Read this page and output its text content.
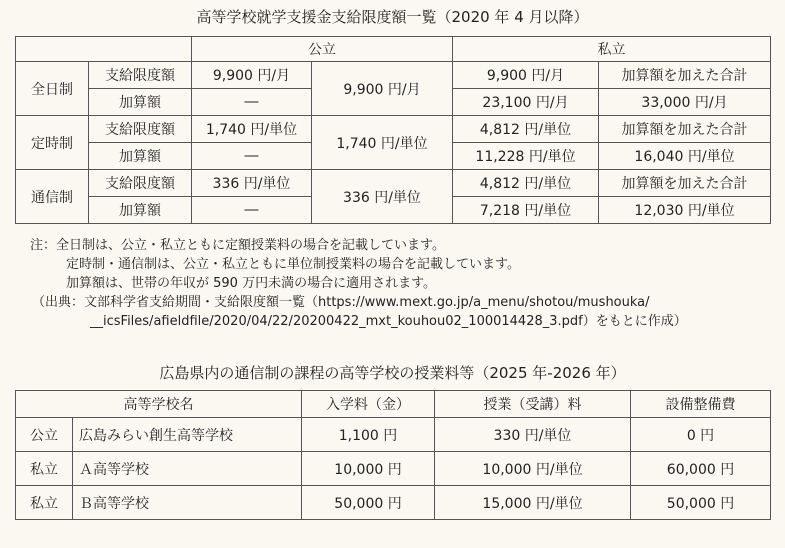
高等学校就学支援金支給限度額一覧（2020 年 4 月以降）
		公立		私立	
全日制	支給限度額	9,900 円/月	9,900 円/月	9,900 円/月	加算額を加えた合計
	加算額	―		23,100 円/月	33,000 円/月
定時制	支給限度額	1,740 円/単位	1,740 円/単位	4,812 円/単位	加算額を加えた合計
	加算額	―		11,228 円/単位	16,040 円/単位
通信制	支給限度額	336 円/単位	336 円/単位	4,812 円/単位	加算額を加えた合計
	加算額	―		7,218 円/単位	12,030 円/単位
注：全日制は、公立・私立ともに定額授業料の場合を記載しています。
定時制・通信制は、公立・私立ともに単位制授業料の場合を記載しています。
加算額は、世帯の年収が 590 万円未満の場合に適用されます。
（出典：文部科学省支給期間・支給限度額一覧（https://www.mext.go.jp/a_menu/shotou/mushouka/
__icsFiles/afieldfile/2020/04/22/20200422_mxt_kouhou02_100014428_3.pdf）をもとに作成）
広島県内の通信制の課程の高等学校の授業料等（2025 年-2026 年）
高等学校名		入学料（金）	授業（受講）料	設備整備費
公立	広島みらい創生高等学校	1,100 円	330 円/単位	0 円
私立	Ａ高等学校	10,000 円	10,000 円/単位	60,000 円
私立	Ｂ高等学校	50,000 円	15,000 円/単位	50,000 円
